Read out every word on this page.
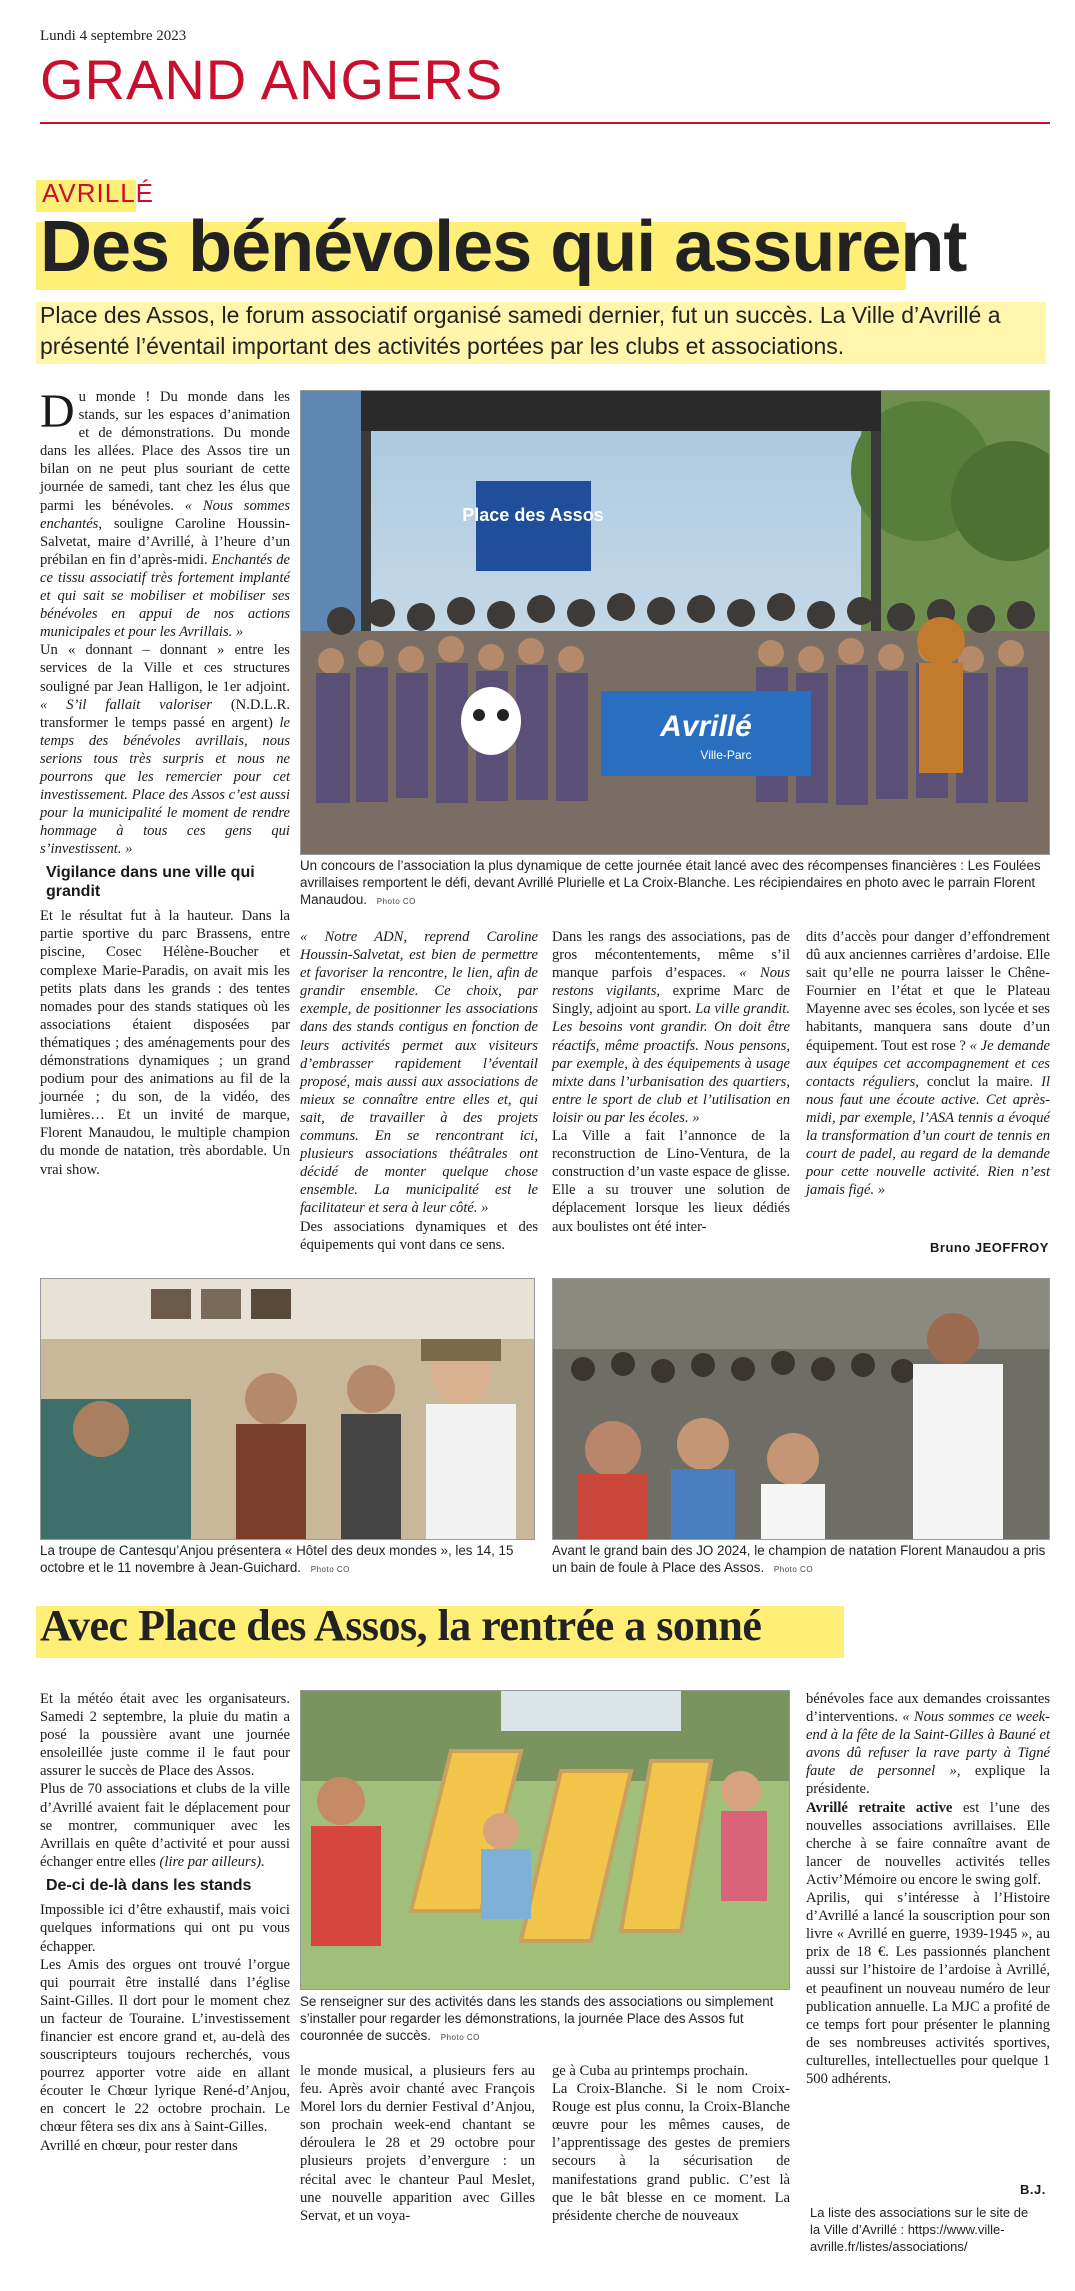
Lundi 4 septembre 2023
GRAND ANGERS
AVRILLÉ
Des bénévoles qui assurent
Place des Assos, le forum associatif organisé samedi dernier, fut un succès. La Ville d’Avrillé a présenté l’éventail important des activités portées par les clubs et associations.

D u monde ! Du monde dans les stands, sur les espaces d’animation et de démonstrations. Du monde dans les allées. Place des Assos tire un bilan on ne peut plus souriant de cette journée de samedi, tant chez les élus que parmi les bénévoles. « Nous sommes enchantés, souligne Caroline Houssin-Salvetat, maire d’Avrillé, à l’heure d’un prébilan en fin d’après-midi. Enchantés de ce tissu associatif très fortement implanté et qui sait se mobiliser et mobiliser ses bénévoles en appui de nos actions municipales et pour les Avrillais. »

Un « donnant – donnant » entre les services de la Ville et ces structures souligné par Jean Halligon, le 1er adjoint. « S’il fallait valoriser (N.D.L.R. transformer le temps passé en argent) le temps des bénévoles avrillais, nous serions tous très surpris et nous ne pourrons que les remercier pour cet investissement. Place des Assos c’est aussi pour la municipalité le moment de rendre hommage à tous ces gens qui s’investissent. »

Vigilance dans une ville qui grandit

Et le résultat fut à la hauteur. Dans la partie sportive du parc Brassens, entre piscine, Cosec Hélène-Boucher et complexe Marie-Paradis, on avait mis les petits plats dans les grands : des tentes nomades pour des stands statiques où les associations étaient disposées par thématiques ; des aménagements pour des démonstrations dynamiques ; un grand podium pour des animations au fil de la journée ; du son, de la vidéo, des lumières… Et un invité de marque, Florent Manaudou, le multiple champion du monde de natation, très abordable. Un vrai show.

Place des Assos
Avrillé
Ville-Parc
Un concours de l’association la plus dynamique de cette journée était lancé avec des récompenses financières : Les Foulées avrillaises remportent le défi, devant Avrillé Plurielle et La Croix-Blanche. Les récipiendaires en photo avec le parrain Florent Manaudou. Photo CO

« Notre ADN, reprend Caroline Houssin-Salvetat, est bien de permettre et favoriser la rencontre, le lien, afin de grandir ensemble. Ce choix, par exemple, de positionner les associations dans des stands contigus en fonction de leurs activités permet aux visiteurs d’embrasser rapidement l’éventail proposé, mais aussi aux associations de mieux se connaître entre elles et, qui sait, de travailler à des projets communs. En se rencontrant ici, plusieurs associations théâtrales ont décidé de monter quelque chose ensemble. La municipalité est le facilitateur et sera à leur côté. »

Des associations dynamiques et des équipements qui vont dans ce sens.

Dans les rangs des associations, pas de gros mécontentements, même s’il manque parfois d’espaces. « Nous restons vigilants, exprime Marc de Singly, adjoint au sport. La ville grandit. Les besoins vont grandir. On doit être réactifs, même proactifs. Nous pensons, par exemple, à des équipements à usage mixte dans l’urbanisation des quartiers, entre le sport de club et l’utilisation en loisir ou par les écoles. »

La Ville a fait l’annonce de la reconstruction de Lino-Ventura, de la construction d’un vaste espace de glisse. Elle a su trouver une solution de déplacement lorsque les lieux dédiés aux boulistes ont été inter-

dits d’accès pour danger d’effondrement dû aux anciennes carrières d’ardoise. Elle sait qu’elle ne pourra laisser le Chêne-Fournier en l’état et que le Plateau Mayenne avec ses écoles, son lycée et ses habitants, manquera sans doute d’un équipement. Tout est rose ? « Je demande aux équipes cet accompagnement et ces contacts réguliers, conclut la maire. Il nous faut une écoute active. Cet après-midi, par exemple, l’ASA tennis a évoqué la transformation d’un court de tennis en court de padel, au regard de la demande pour cette nouvelle activité. Rien n’est jamais figé. »

Bruno JEOFFROY
La troupe de Cantesqu’Anjou présentera « Hôtel des deux mondes », les 14, 15 octobre et le 11 novembre à Jean-Guichard. Photo CO
Avant le grand bain des JO 2024, le champion de natation Florent Manaudou a pris un bain de foule à Place des Assos. Photo CO
Avec Place des Assos, la rentrée a sonné

Et la météo était avec les organisateurs. Samedi 2 septembre, la pluie du matin a posé la poussière avant une journée ensoleillée juste comme il le faut pour assurer le succès de Place des Assos.

Plus de 70 associations et clubs de la ville d’Avrillé avaient fait le déplacement pour se montrer, communiquer avec les Avrillais en quête d’activité et pour aussi échanger entre elles (lire par ailleurs).

De-ci de-là dans les stands

Impossible ici d’être exhaustif, mais voici quelques informations qui ont pu vous échapper.

Les Amis des orgues ont trouvé l’orgue qui pourrait être installé dans l’église Saint-Gilles. Il dort pour le moment chez un facteur de Touraine. L’investissement financier est encore grand et, au-delà des souscripteurs toujours recherchés, vous pourrez apporter votre aide en allant écouter le Chœur lyrique René-d’Anjou, en concert le 22 octobre prochain. Le chœur fêtera ses dix ans à Saint-Gilles.

Avrillé en chœur, pour rester dans

Se renseigner sur des activités dans les stands des associations ou simplement s’installer pour regarder les démonstrations, la journée Place des Assos fut couronnée de succès. Photo CO

le monde musical, a plusieurs fers au feu. Après avoir chanté avec François Morel lors du dernier Festival d’Anjou, son prochain week-end chantant se déroulera le 28 et 29 octobre pour plusieurs projets d’envergure : un récital avec le chanteur Paul Meslet, une nouvelle apparition avec Gilles Servat, et un voya-

ge à Cuba au printemps prochain.

La Croix-Blanche. Si le nom Croix-Rouge est plus connu, la Croix-Blanche œuvre pour les mêmes causes, de l’apprentissage des gestes de premiers secours à la sécurisation de manifestations grand public. C’est là que le bât blesse en ce moment. La présidente cherche de nouveaux

bénévoles face aux demandes croissantes d’interventions. « Nous sommes ce week-end à la fête de la Saint-Gilles à Bauné et avons dû refuser la rave party à Tigné faute de personnel », explique la présidente.

Avrillé retraite active est l’une des nouvelles associations avrillaises. Elle cherche à se faire connaître avant de lancer de nouvelles activités telles Activ’Mémoire ou encore le swing golf.

Aprilis, qui s’intéresse à l’Histoire d’Avrillé a lancé la souscription pour son livre « Avrillé en guerre, 1939-1945 », au prix de 18 €. Les passionnés planchent aussi sur l’histoire de l’ardoise à Avrillé, et peaufinent un nouveau numéro de leur publication annuelle. La MJC a profité de ce temps fort pour présenter le planning de ses nombreuses activités sportives, culturelles, intellectuelles pour quelque 1 500 adhérents.

B.J.
La liste des associations sur le site de la Ville d’Avrillé : https://www.ville-avrille.fr/listes/associations/
